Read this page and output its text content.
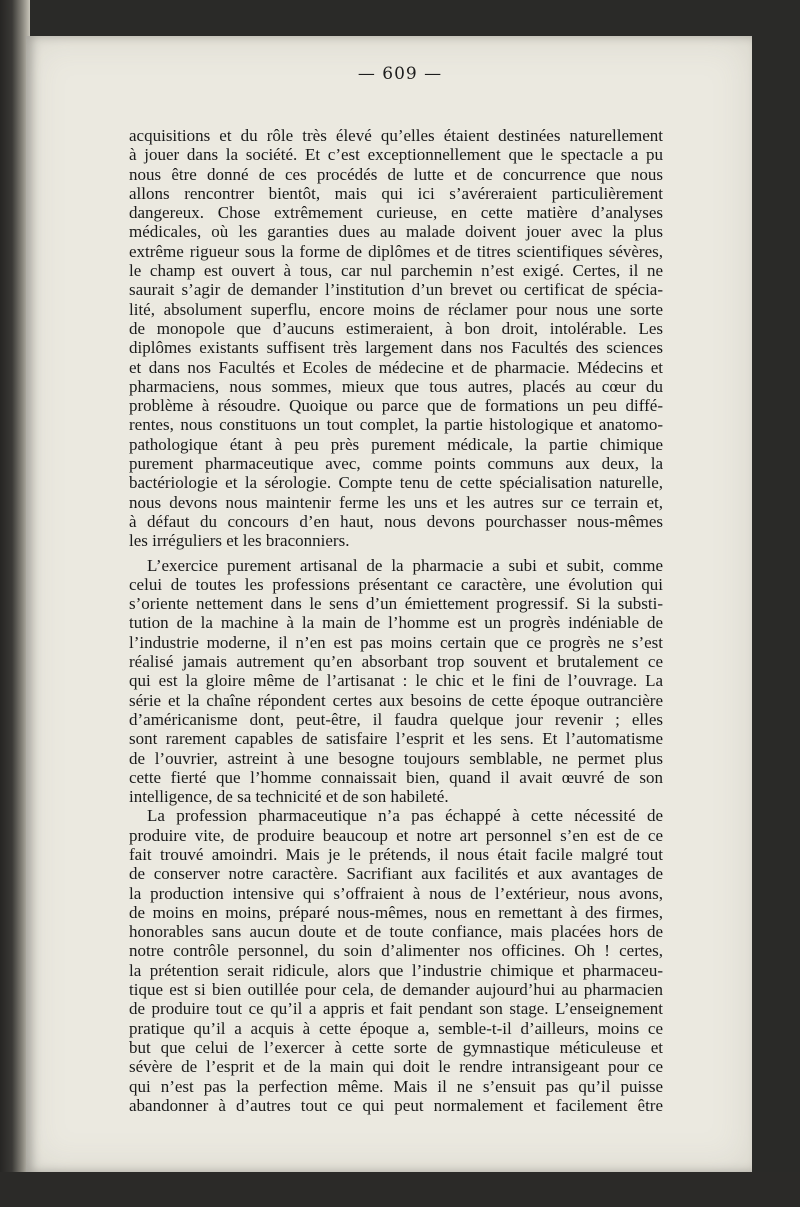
— 609 —
acquisitions et du rôle très élevé qu’elles étaient destinées naturellement
à jouer dans la société. Et c’est exceptionnellement que le spectacle a pu
nous être donné de ces procédés de lutte et de concurrence que nous
allons rencontrer bientôt, mais qui ici s’avéreraient particulièrement
dangereux. Chose extrêmement curieuse, en cette matière d’analyses
médicales, où les garanties dues au malade doivent jouer avec la plus
extrême rigueur sous la forme de diplômes et de titres scientifiques sévères,
le champ est ouvert à tous, car nul parchemin n’est exigé. Certes, il ne
saurait s’agir de demander l’institution d’un brevet ou certificat de spécia-
lité, absolument superflu, encore moins de réclamer pour nous une sorte
de monopole que d’aucuns estimeraient, à bon droit, intolérable. Les
diplômes existants suffisent très largement dans nos Facultés des sciences
et dans nos Facultés et Ecoles de médecine et de pharmacie. Médecins et
pharmaciens, nous sommes, mieux que tous autres, placés au cœur du
problème à résoudre. Quoique ou parce que de formations un peu diffé-
rentes, nous constituons un tout complet, la partie histologique et anatomo-
pathologique étant à peu près purement médicale, la partie chimique
purement pharmaceutique avec, comme points communs aux deux, la
bactériologie et la sérologie. Compte tenu de cette spécialisation naturelle,
nous devons nous maintenir ferme les uns et les autres sur ce terrain et,
à défaut du concours d’en haut, nous devons pourchasser nous-mêmes
les irréguliers et les braconniers.
L’exercice purement artisanal de la pharmacie a subi et subit, comme
celui de toutes les professions présentant ce caractère, une évolution qui
s’oriente nettement dans le sens d’un émiettement progressif. Si la substi-
tution de la machine à la main de l’homme est un progrès indéniable de
l’industrie moderne, il n’en est pas moins certain que ce progrès ne s’est
réalisé jamais autrement qu’en absorbant trop souvent et brutalement ce
qui est la gloire même de l’artisanat : le chic et le fini de l’ouvrage. La
série et la chaîne répondent certes aux besoins de cette époque outrancière
d’américanisme dont, peut-être, il faudra quelque jour revenir ; elles
sont rarement capables de satisfaire l’esprit et les sens. Et l’automatisme
de l’ouvrier, astreint à une besogne toujours semblable, ne permet plus
cette fierté que l’homme connaissait bien, quand il avait œuvré de son
intelligence, de sa technicité et de son habileté.
La profession pharmaceutique n’a pas échappé à cette nécessité de
produire vite, de produire beaucoup et notre art personnel s’en est de ce
fait trouvé amoindri. Mais je le prétends, il nous était facile malgré tout
de conserver notre caractère. Sacrifiant aux facilités et aux avantages de
la production intensive qui s’offraient à nous de l’extérieur, nous avons,
de moins en moins, préparé nous-mêmes, nous en remettant à des firmes,
honorables sans aucun doute et de toute confiance, mais placées hors de
notre contrôle personnel, du soin d’alimenter nos officines. Oh ! certes,
la prétention serait ridicule, alors que l’industrie chimique et pharmaceu-
tique est si bien outillée pour cela, de demander aujourd’hui au pharmacien
de produire tout ce qu’il a appris et fait pendant son stage. L’enseignement
pratique qu’il a acquis à cette époque a, semble-t-il d’ailleurs, moins ce
but que celui de l’exercer à cette sorte de gymnastique méticuleuse et
sévère de l’esprit et de la main qui doit le rendre intransigeant pour ce
qui n’est pas la perfection même. Mais il ne s’ensuit pas qu’il puisse
abandonner à d’autres tout ce qui peut normalement et facilement être
